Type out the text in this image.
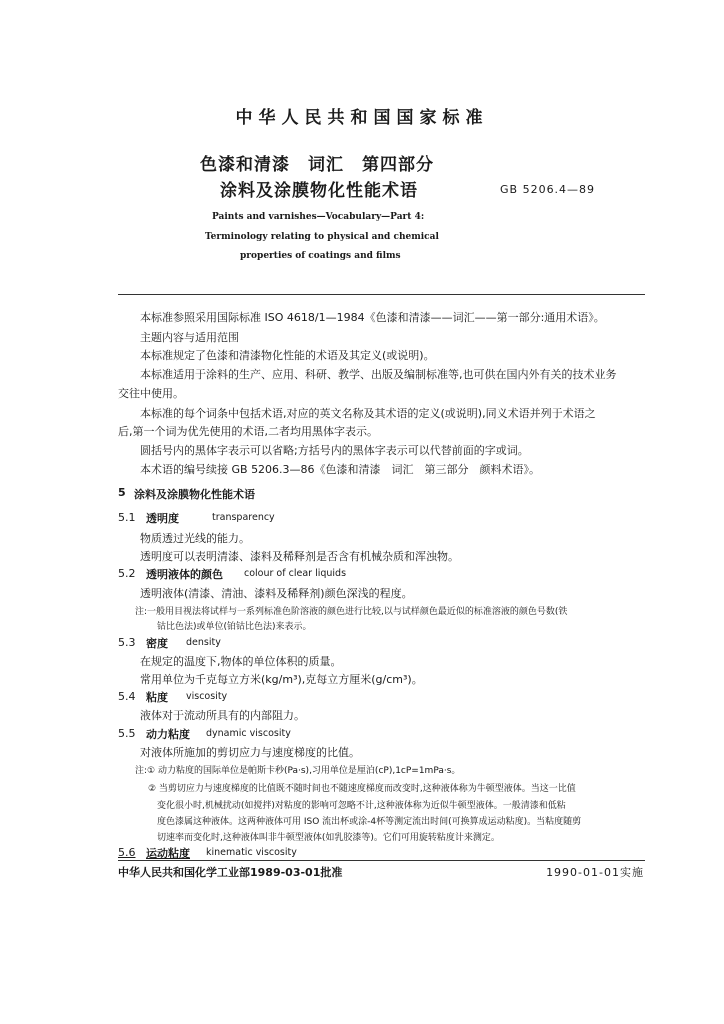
中华人民共和国国家标准
色漆和清漆　词汇　第四部分
涂料及涂膜物化性能术语	GB 5206.4—89
Paints and varnishes—Vocabulary—Part 4:
Terminology relating to physical and chemical
properties of coatings and films
本标准参照采用国际标准 ISO 4618/1—1984《色漆和清漆——词汇——第一部分:通用术语》。
主题内容与适用范围
本标准规定了色漆和清漆物化性能的术语及其定义(或说明)。
本标准适用于涂料的生产、应用、科研、教学、出版及编制标准等,也可供在国内外有关的技术业务
交往中使用。
本标准的每个词条中包括术语,对应的英文名称及其术语的定义(或说明),同义术语并列于术语之
后,第一个词为优先使用的术语,二者均用黑体字表示。
圆括号内的黑体字表示可以省略;方括号内的黑体字表示可以代替前面的字或词。
本术语的编号续接 GB 5206.3—86《色漆和清漆　词汇　第三部分　颜料术语》。
5 涂料及涂膜物化性能术语
5.1 透明度	transparency
物质透过光线的能力。
透明度可以表明清漆、漆料及稀释剂是否含有机械杂质和浑浊物。
5.2 透明液体的颜色 colour of clear liquids
透明液体(清漆、清油、漆料及稀释剂)颜色深浅的程度。
注:一般用目视法将试样与一系列标准色阶溶液的颜色进行比较,以与试样颜色最近似的标准溶液的颜色号数(铁
钴比色法)或单位(铂钴比色法)来表示。
5.3 密度 density
在规定的温度下,物体的单位体积的质量。
常用单位为千克每立方米(kg/m³),克每立方厘米(g/cm³)。
5.4 粘度 viscosity
液体对于流动所具有的内部阻力。
5.5 动力粘度 dynamic viscosity
对液体所施加的剪切应力与速度梯度的比值。
注:① 动力粘度的国际单位是帕斯卡秒(Pa·s),习用单位是厘泊(cP),1cP=1mPa·s。
② 当剪切应力与速度梯度的比值既不随时间也不随速度梯度而改变时,这种液体称为牛顿型液体。当这一比值
变化很小时,机械扰动(如搅拌)对粘度的影响可忽略不计,这种液体称为近似牛顿型液体。一般清漆和低粘
度色漆属这种液体。这两种液体可用 ISO 流出杯或涂-4杯等测定流出时间(可换算成运动粘度)。当粘度随剪
切速率而变化时,这种液体叫非牛顿型液体(如乳胶漆等)。它们可用旋转粘度计来测定。
5.6 运动粘度 kinematic viscosity
中华人民共和国化学工业部1989-03-01批准	1990-01-01实施
